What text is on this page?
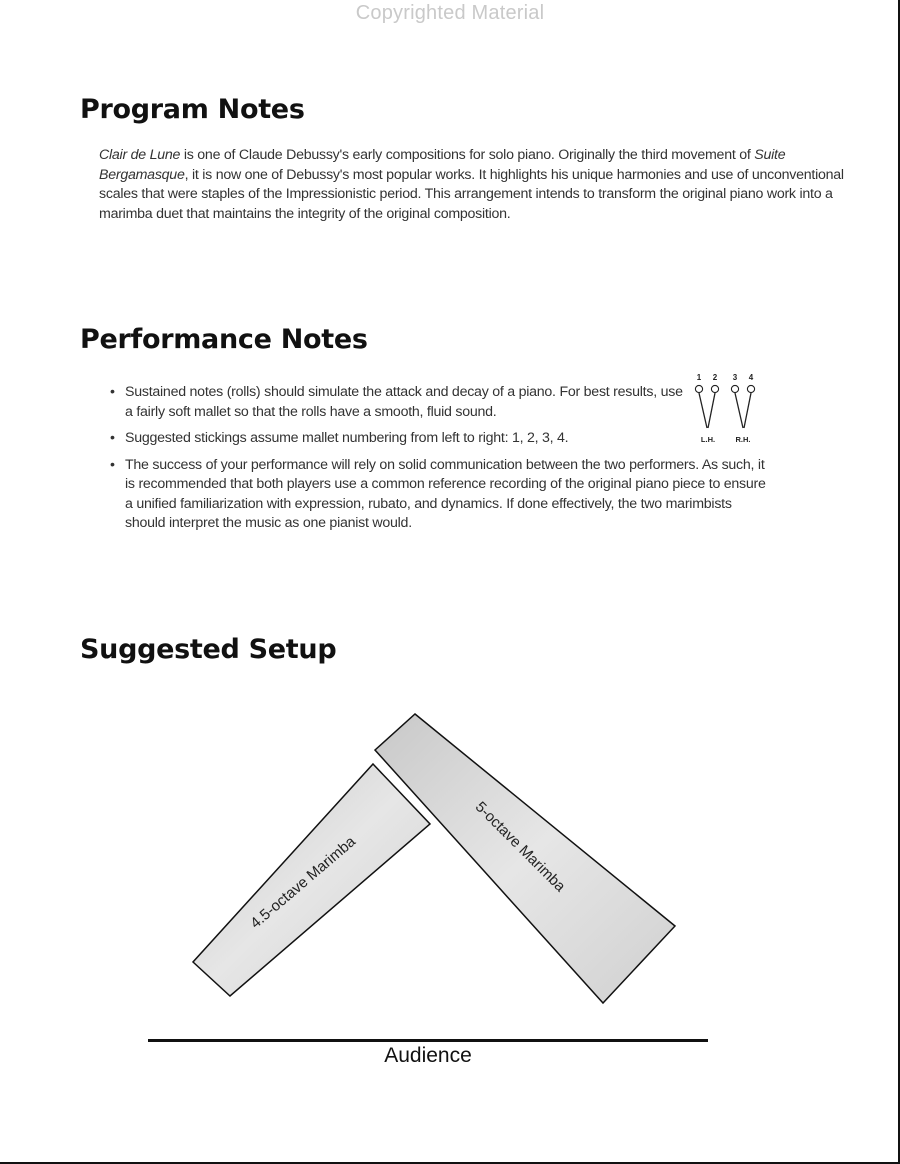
Copyrighted Material
Program Notes

Clair de Lune is one of Claude Debussy's early compositions for solo piano. Originally the third movement of Suite Bergamasque, it is now one of Debussy's most popular works. It highlights his unique harmonies and use of unconventional scales that were staples of the Impressionistic period. This arrangement intends to transform the original piano work into a marimba duet that maintains the integrity of the original composition.

Performance Notes
• Sustained notes (rolls) should simulate the attack and decay of a piano. For best results, use a fairly soft mallet so that the rolls have a smooth, fluid sound.
• Suggested stickings assume mallet numbering from left to right: 1, 2, 3, 4.
• The success of your performance will rely on solid communication between the two performers. As such, it is recommended that both players use a common reference recording of the original piano piece to ensure a unified familiarization with expression, rubato, and dynamics. If done effectively, the two marimbists should interpret the music as one pianist would.
1 2 3 4
L.H.	R.H.
Suggested Setup
4.5-octave Marimba	5-octave Marimba
Audience
